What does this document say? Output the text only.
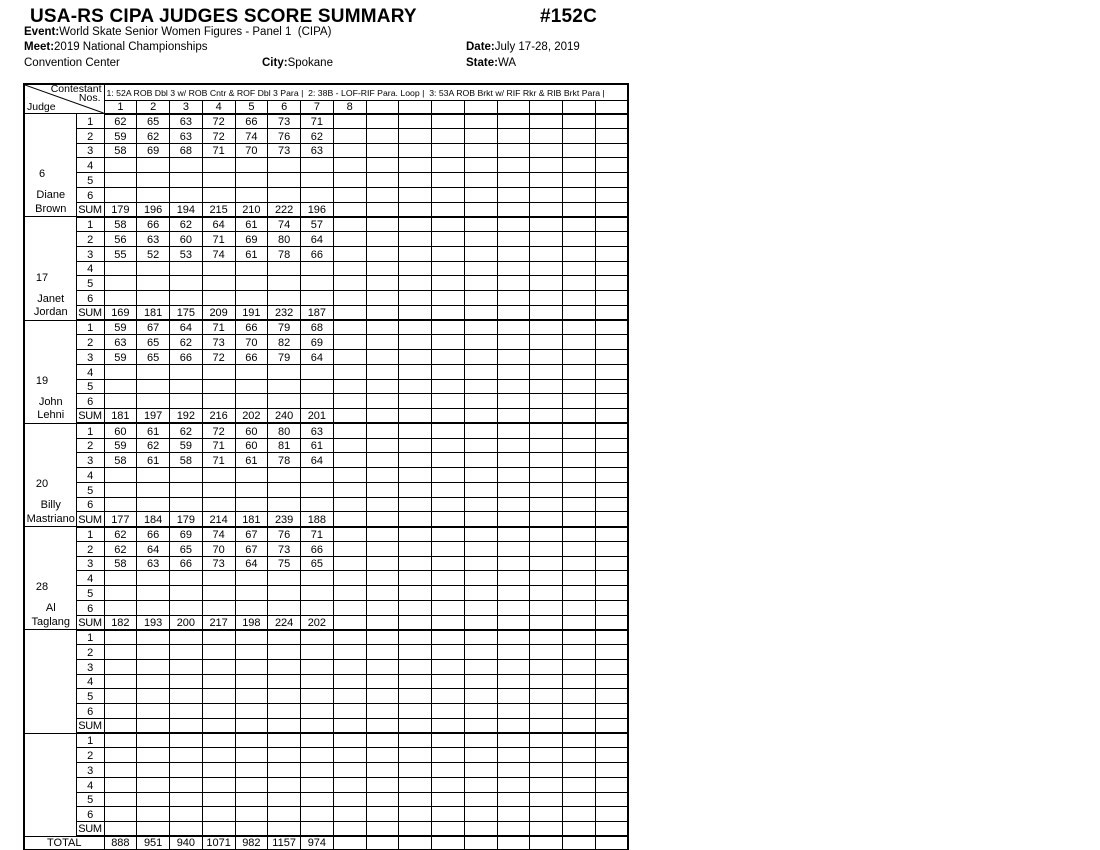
USA-RS CIPA JUDGES SCORE SUMMARY	#152C
Event:World Skate Senior Women Figures - Panel 1  (CIPA)
Meet:2019 National Championships	Date:July 17-28, 2019
Convention Center	City:Spokane	State:WA
Contestant
Nos.
Judge		1: 52A ROB Dbl 3 w/ ROB Cntr & ROF Dbl 3 Para |  2: 38B - LOF-RIF Para. Loop |  3: 53A ROB Brkt w/ RIF Rkr & RIB Brkt Para |															

		1	2	3	4	5	6	7	8								

6
Diane
Brown	1	62	65	63	72	66	73	71									
	2	59	62	63	72	74	76	62									
	3	58	69	68	71	70	73	63									
	4																
	5																
	6																
	SUM	179	196	194	215	210	222	196									

17
Janet
Jordan	1	58	66	62	64	61	74	57									
	2	56	63	60	71	69	80	64									
	3	55	52	53	74	61	78	66									
	4																
	5																
	6																
	SUM	169	181	175	209	191	232	187									

19
John
Lehni	1	59	67	64	71	66	79	68									
	2	63	65	62	73	70	82	69									
	3	59	65	66	72	66	79	64									
	4																
	5																
	6																
	SUM	181	197	192	216	202	240	201									

20
Billy
Mastriano	1	60	61	62	72	60	80	63									
	2	59	62	59	71	60	81	61									
	3	58	61	58	71	61	78	64									
	4																
	5																
	6																
	SUM	177	184	179	214	181	239	188									

28
Al
Taglang	1	62	66	69	74	67	76	71									
	2	62	64	65	70	67	73	66									
	3	58	63	66	73	64	75	65									
	4																
	5																
	6																
	SUM	182	193	200	217	198	224	202									

	1																
	2																
	3																
	4																
	5																
	6																
	SUM																

	1																
	2																
	3																
	4																
	5																
	6																
	SUM																
TOTAL		888	951	940	1071	982	1157	974									
